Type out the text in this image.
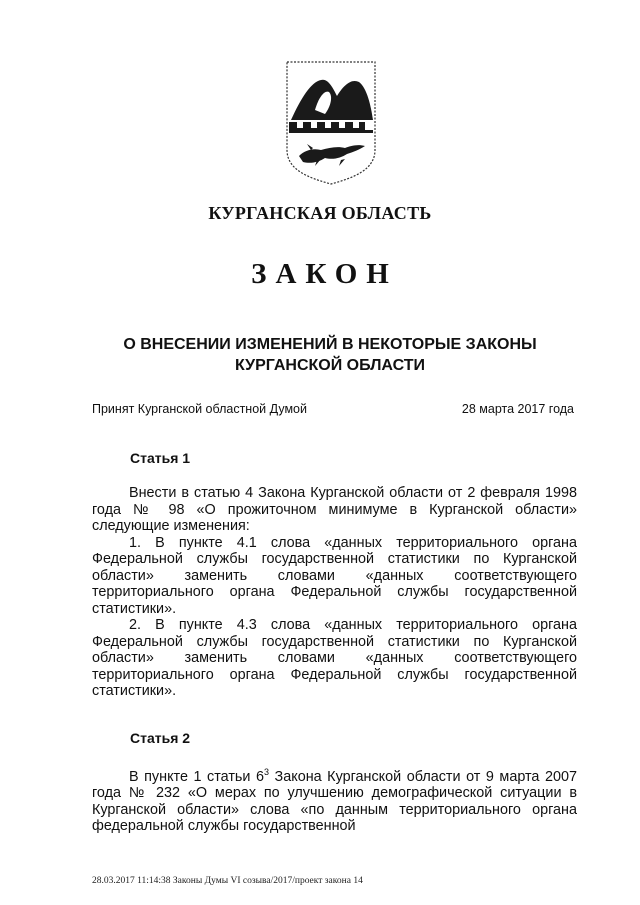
КУРГАНСКАЯ ОБЛАСТЬ
ЗАКОН
О ВНЕСЕНИИ ИЗМЕНЕНИЙ В НЕКОТОРЫЕ ЗАКОНЫ
КУРГАНСКОЙ ОБЛАСТИ
Принят Курганской областной Думой	28 марта 2017 года
Статья 1

Внести в статью 4 Закона Курганской области от 2 февраля 1998 года № 98 «О прожиточном минимуме в Курганской области» следующие изменения:

1. В пункте 4.1 слова «данных территориального органа Федеральной службы государственной статистики по Курганской области» заменить словами «данных соответствующего территориального органа Федеральной службы государственной статистики».

2. В пункте 4.3 слова «данных территориального органа Федеральной службы государственной статистики по Курганской области» заменить словами «данных соответствующего территориального органа Федеральной службы государственной статистики».

Статья 2

В пункте 1 статьи $6^3$ Закона Курганской области от 9 марта 2007 года № 232 «О мерах по улучшению демографической ситуации в Курганской области» слова «по данным территориального органа федеральной службы государственной

28.03.2017 11:14:38 Законы Думы VI созыва/2017/проект закона 14
